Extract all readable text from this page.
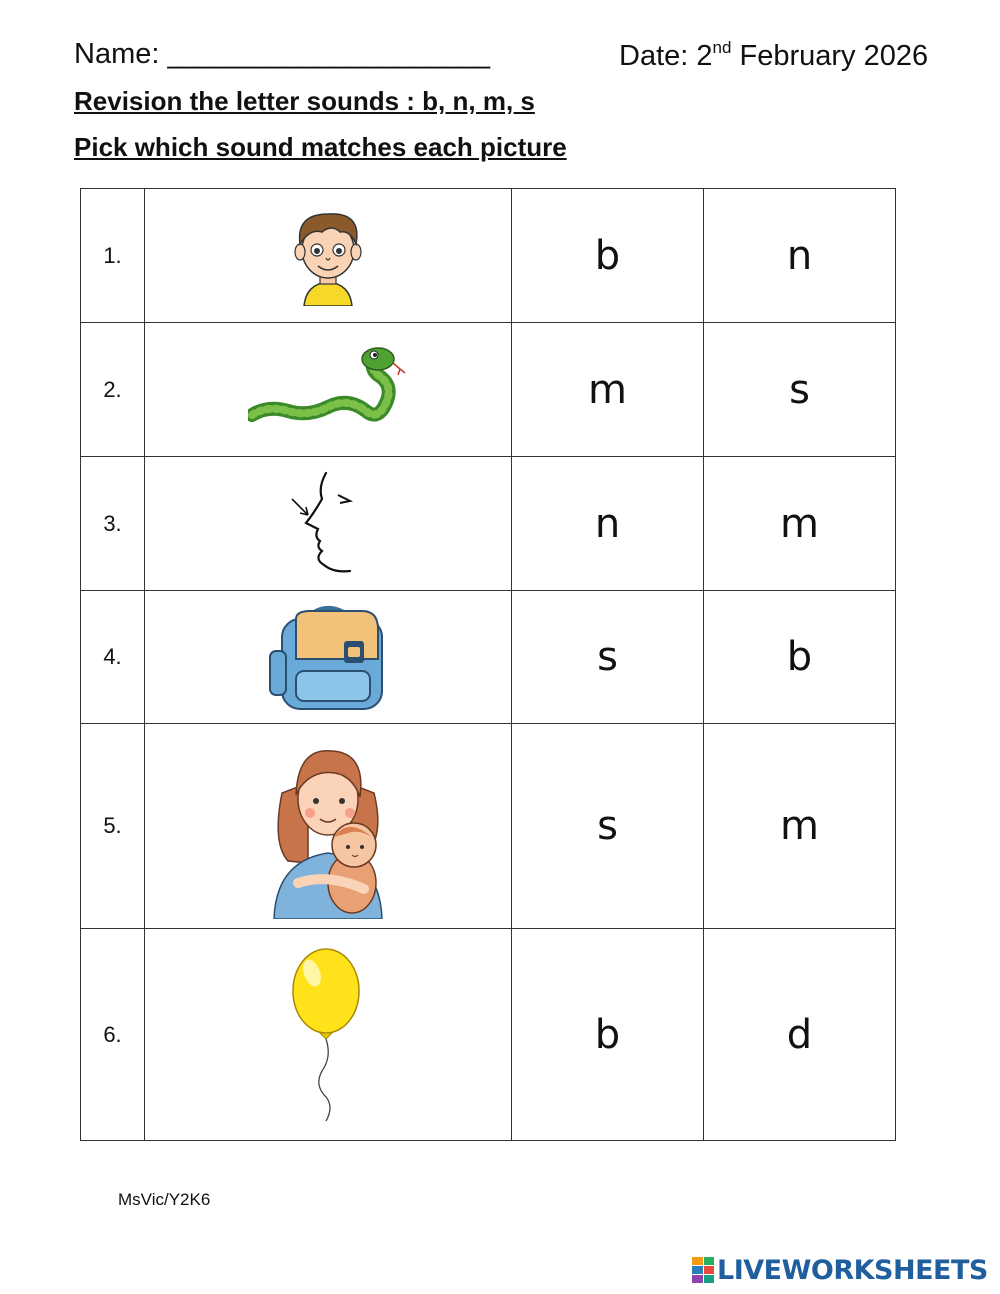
Name: ____________________	Date: 2nd February 2026
Revision the letter sounds : b, n, m, s
Pick which sound matches each picture
1.		b	n
2.		m	s
3.		n	m
4.		s	b
5.		s	m
6.		b	d
MsVic/Y2K6
LIVEWORKSHEETS
